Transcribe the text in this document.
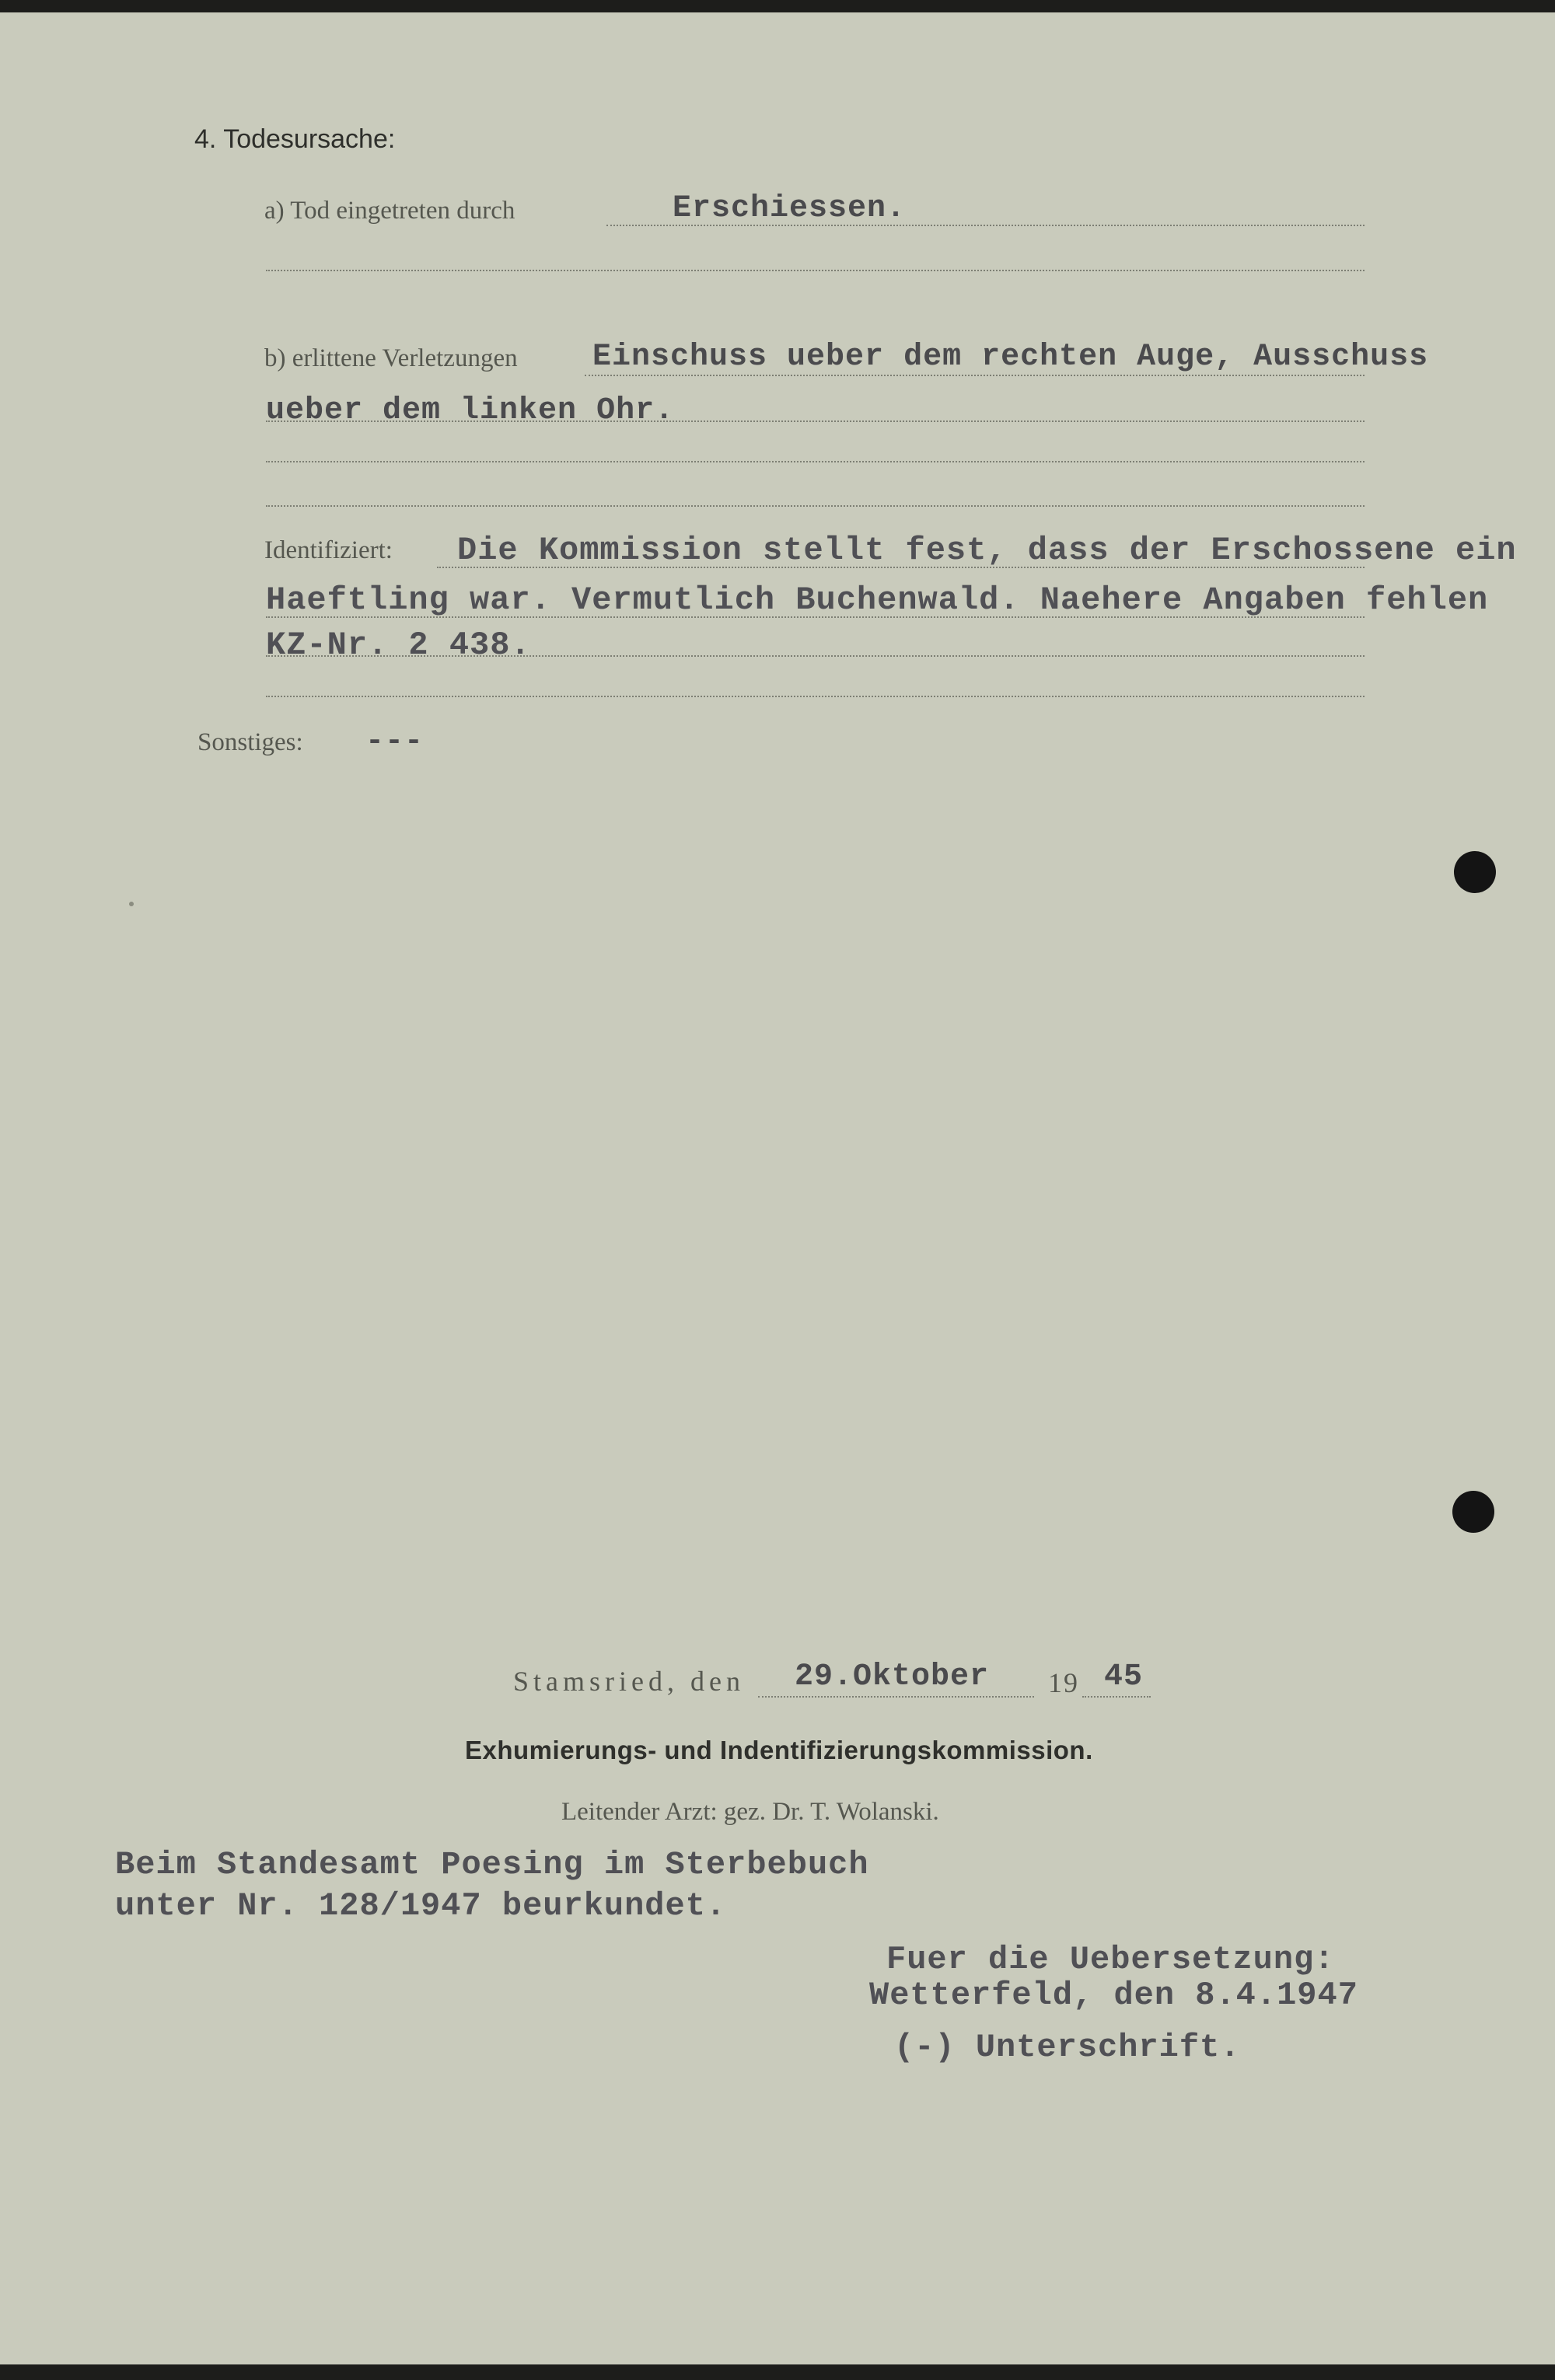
4. Todesursache:
a) Tod eingetreten durch	Erschiessen.
b) erlittene Verletzungen Einschuss ueber dem rechten Auge, Ausschuss
ueber dem linken Ohr.
Identifiziert: Die Kommission stellt fest, dass der Erschossene ein
Haeftling war. Vermutlich Buchenwald. Naehere Angaben fehlen
KZ-Nr. 2 438.
Sonstiges: ---
Stamsried, den 29.Oktober 19 45
Exhumierungs- und Indentifizierungskommission.
Leitender Arzt: gez. Dr. T. Wolanski.
Beim Standesamt Poesing im Sterbebuch
unter Nr. 128/1947 beurkundet.
Fuer die Uebersetzung:
Wetterfeld, den 8.4.1947
(-) Unterschrift.
